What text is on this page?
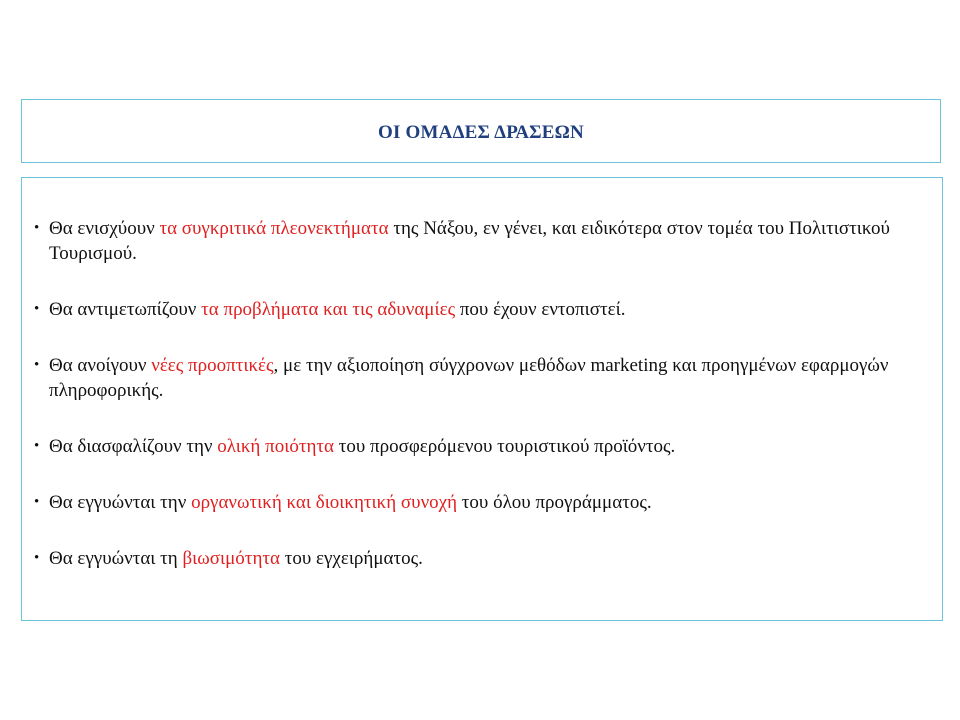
ΟΙ ΟΜΑΔΕΣ ΔΡΑΣΕΩΝ
• Θα ενισχύουν τα συγκριτικά πλεονεκτήματα της Νάξου, εν γένει, και ειδικότερα στον τομέα του Πολιτιστικού Τουρισμού.
• Θα αντιμετωπίζουν τα προβλήματα και τις αδυναμίες που έχουν εντοπιστεί.
• Θα ανοίγουν νέες προοπτικές, με την αξιοποίηση σύγχρονων μεθόδων marketing και προηγμένων εφαρμογών πληροφορικής.
• Θα διασφαλίζουν την ολική ποιότητα του προσφερόμενου τουριστικού προϊόντος.
• Θα εγγυώνται την οργανωτική και διοικητική συνοχή του όλου προγράμματος.
• Θα εγγυώνται τη βιωσιμότητα του εγχειρήματος.
